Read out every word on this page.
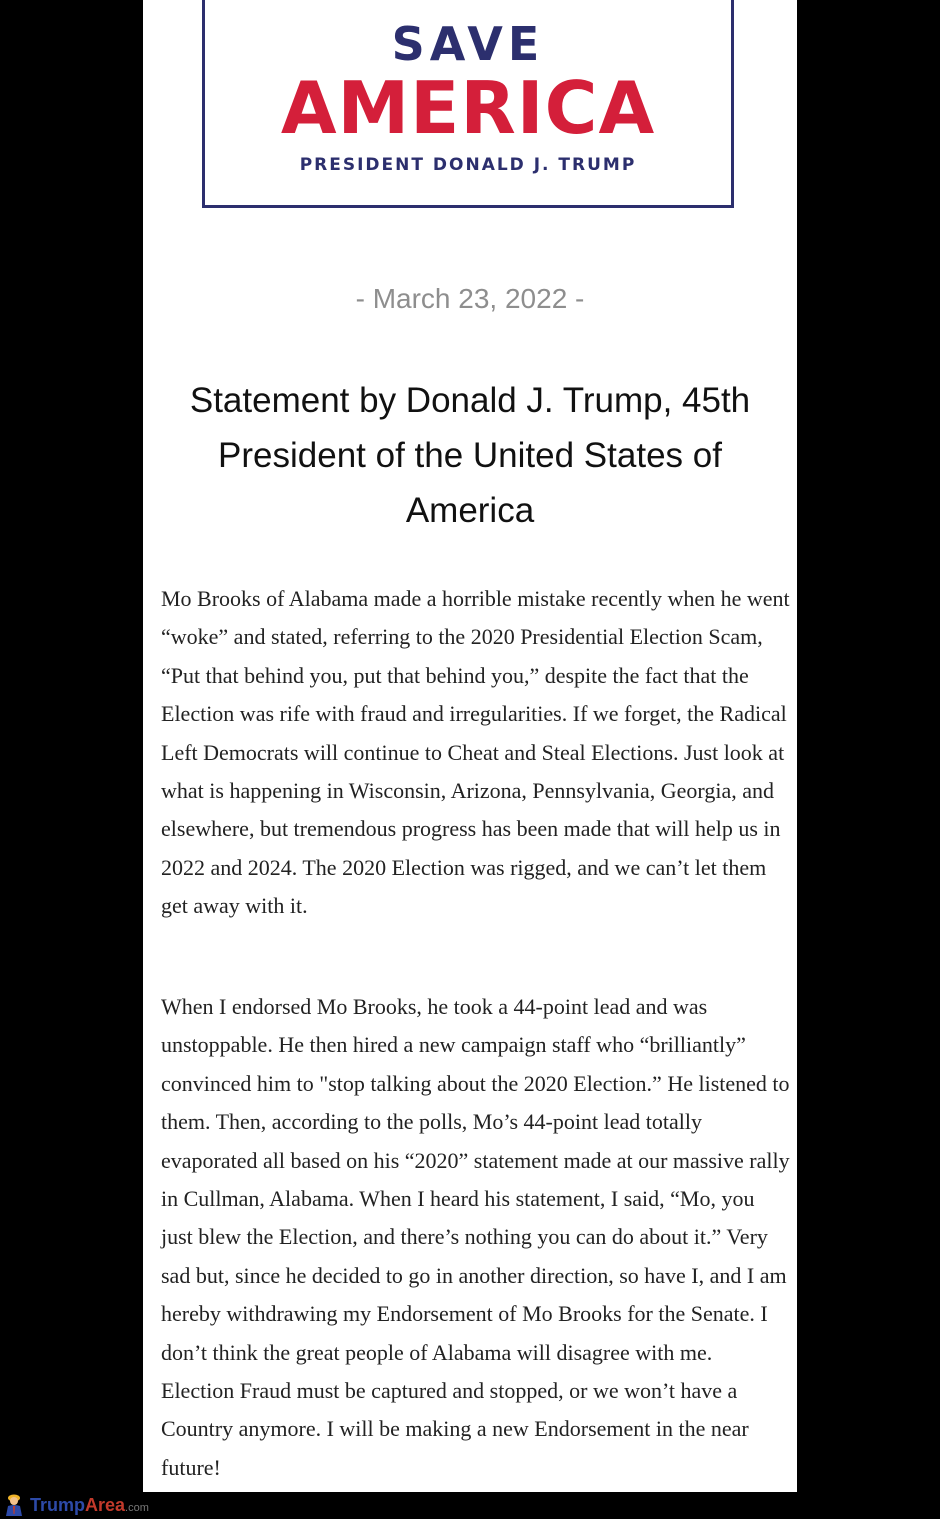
SAVE
AMERICA
PRESIDENT DONALD J. TRUMP
- March 23, 2022 -
Statement by Donald J. Trump, 45th President of the United States of America

Mo Brooks of Alabama made a horrible mistake recently when he went “woke” and stated, referring to the 2020 Presidential Election Scam, “Put that behind you, put that behind you,” despite the fact that the Election was rife with fraud and irregularities. If we forget, the Radical Left Democrats will continue to Cheat and Steal Elections. Just look at what is happening in Wisconsin, Arizona, Pennsylvania, Georgia, and elsewhere, but tremendous progress has been made that will help us in 2022 and 2024. The 2020 Election was rigged, and we can’t let them get away with it.

When I endorsed Mo Brooks, he took a 44-point lead and was unstoppable. He then hired a new campaign staff who “brilliantly” convinced him to "stop talking about the 2020 Election.” He listened to them. Then, according to the polls, Mo’s 44-point lead totally evaporated all based on his “2020” statement made at our massive rally in Cullman, Alabama. When I heard his statement, I said, “Mo, you just blew the Election, and there’s nothing you can do about it.” Very sad but, since he decided to go in another direction, so have I, and I am hereby withdrawing my Endorsement of Mo Brooks for the Senate. I don’t think the great people of Alabama will disagree with me. Election Fraud must be captured and stopped, or we won’t have a Country anymore. I will be making a new Endorsement in the near future!

TrumpArea.com
